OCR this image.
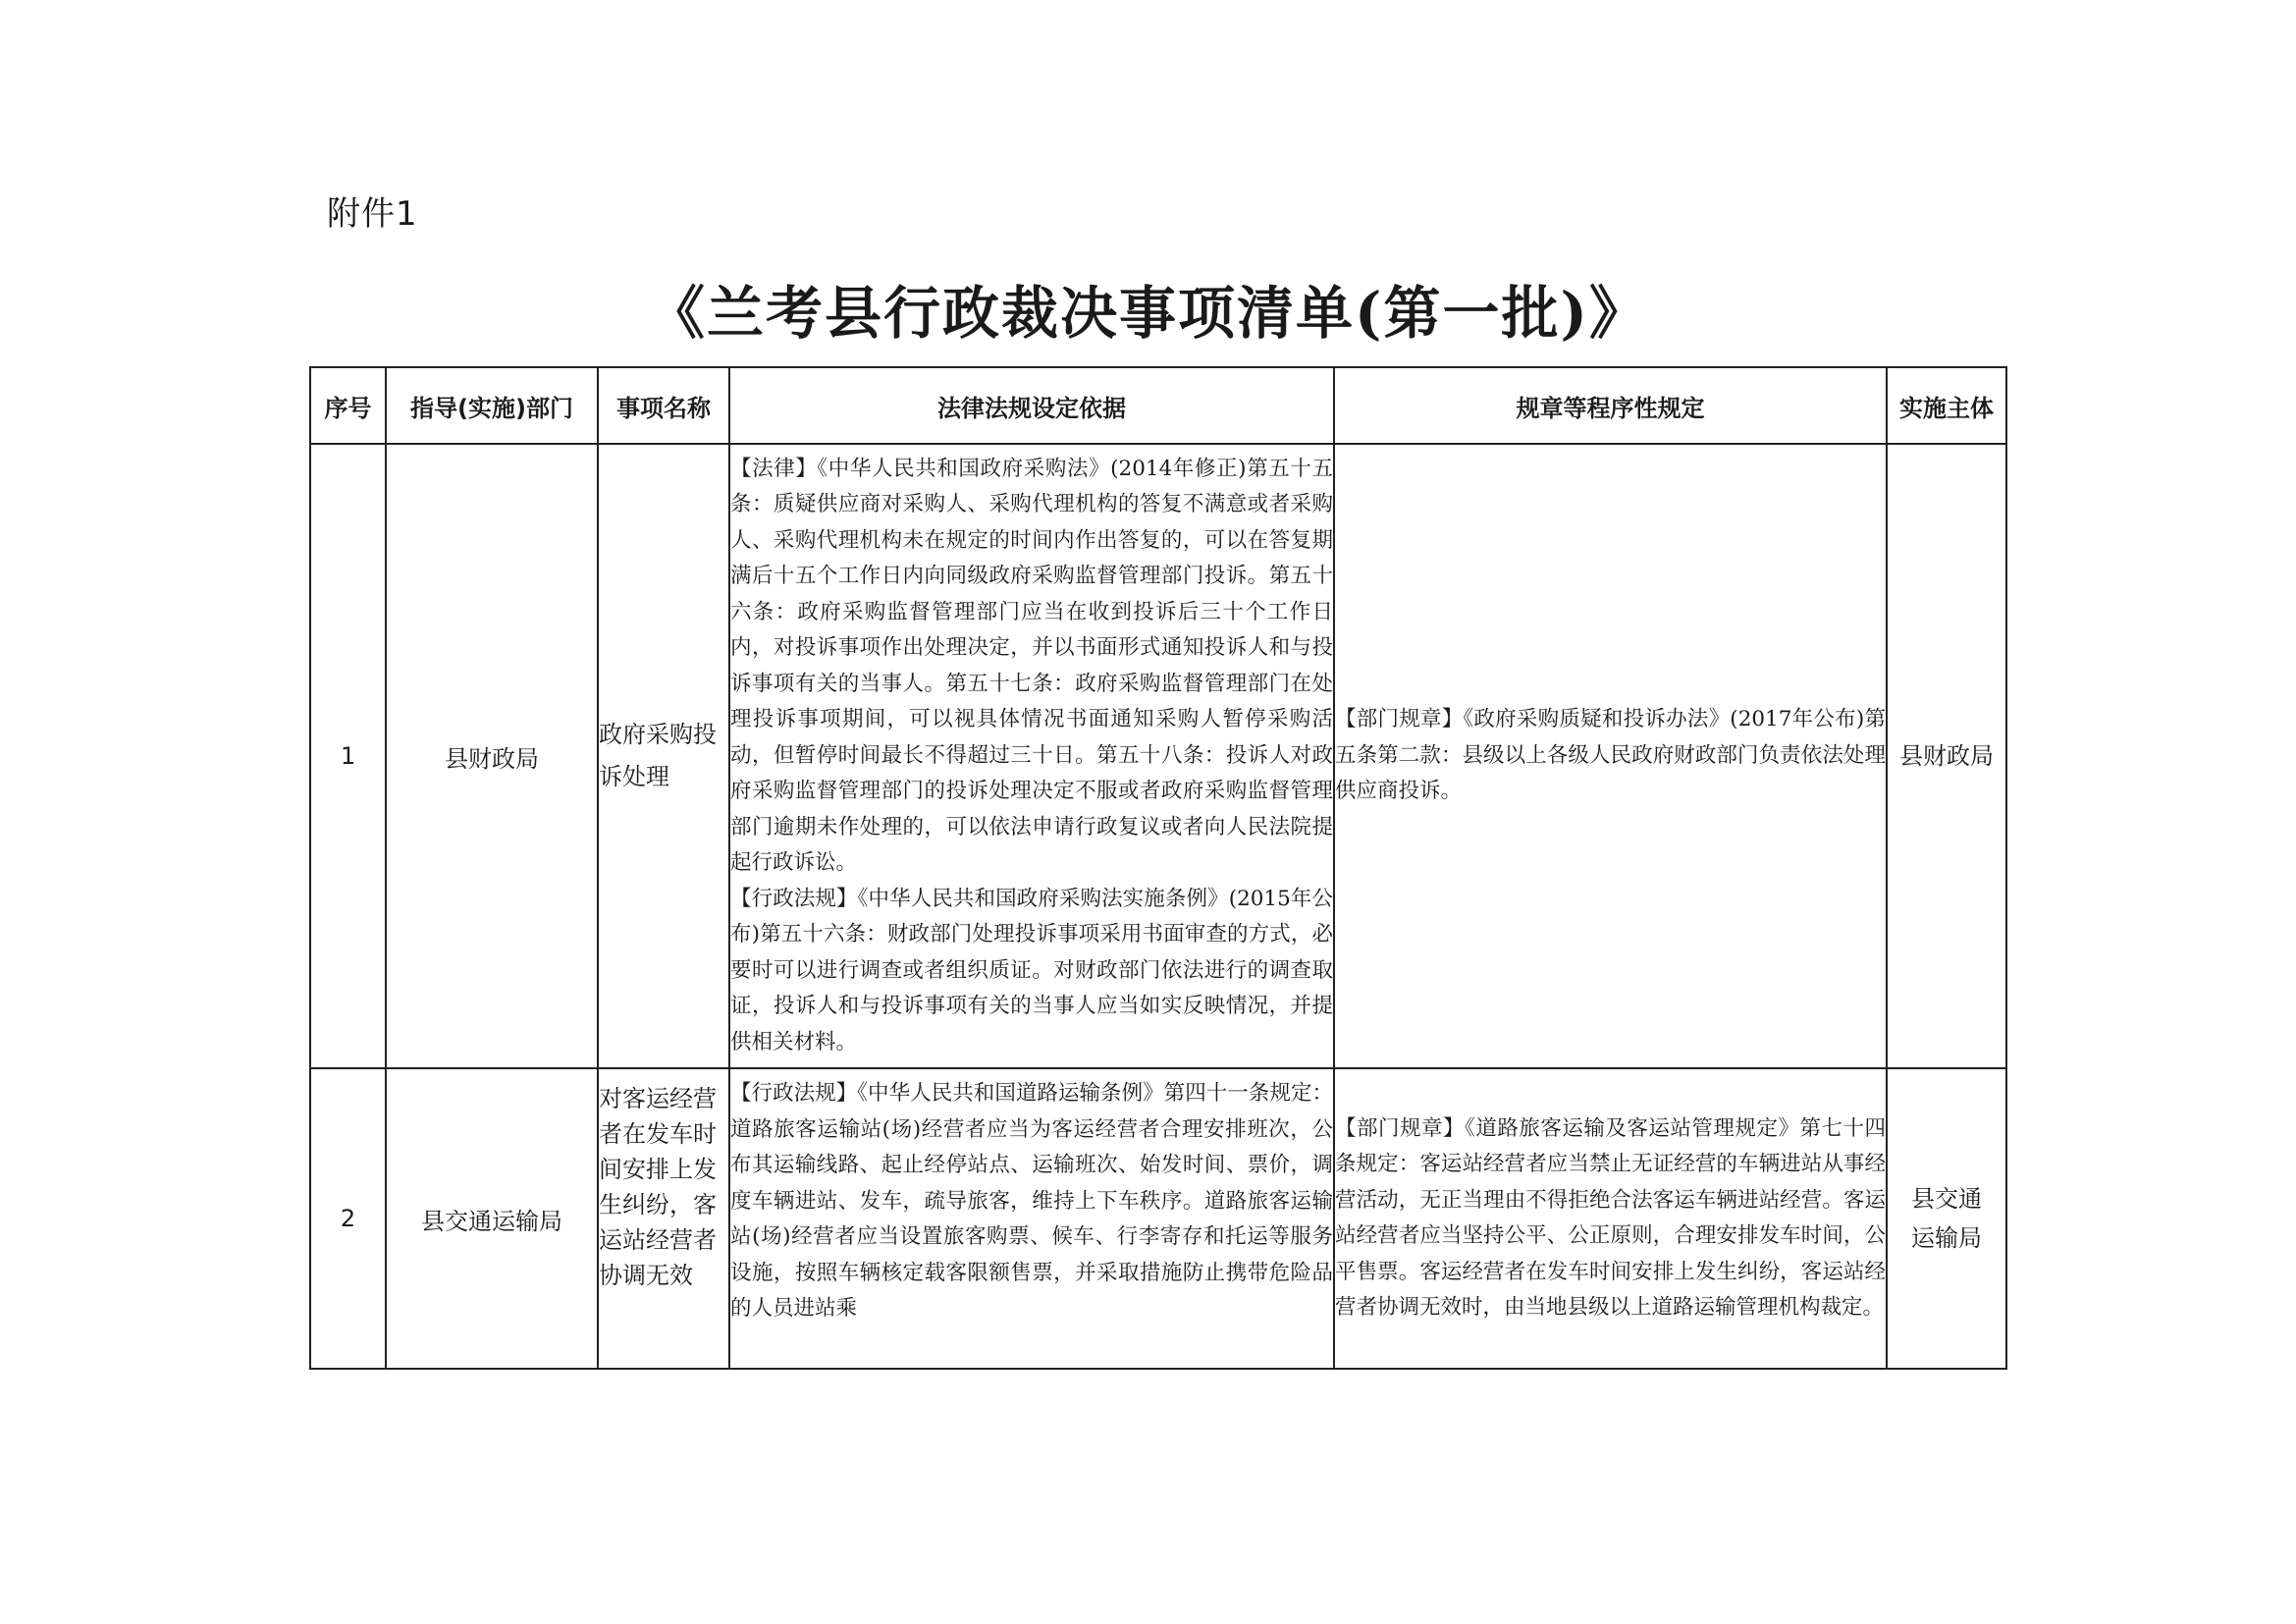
附件1
《兰考县行政裁决事项清单(第一批)》
序号	指导(实施)部门	事项名称	法律法规设定依据	规章等程序性规定	实施主体
1	县财政局	政府采购投诉处理	【法律】《中华人民共和国政府采购法》(2014年修正)第五十五条：质疑供应商对采购人、采购代理机构的答复不满意或者采购人、采购代理机构未在规定的时间内作出答复的，可以在答复期满后十五个工作日内向同级政府采购监督管理部门投诉。第五十六条：政府采购监督管理部门应当在收到投诉后三十个工作日内，对投诉事项作出处理决定，并以书面形式通知投诉人和与投诉事项有关的当事人。第五十七条：政府采购监督管理部门在处理投诉事项期间，可以视具体情况书面通知采购人暂停采购活动，但暂停时间最长不得超过三十日。第五十八条：投诉人对政府采购监督管理部门的投诉处理决定不服或者政府采购监督管理部门逾期未作处理的，可以依法申请行政复议或者向人民法院提起行政诉讼。
【行政法规】《中华人民共和国政府采购法实施条例》(2015年公布)第五十六条：财政部门处理投诉事项采用书面审查的方式，必要时可以进行调查或者组织质证。对财政部门依法进行的调查取证，投诉人和与投诉事项有关的当事人应当如实反映情况，并提供相关材料。	【部门规章】《政府采购质疑和投诉办法》(2017年公布)第五条第二款：县级以上各级人民政府财政部门负责依法处理供应商投诉。	县财政局
2	县交通运输局	对客运经营者在发车时间安排上发生纠纷，客运站经营者协调无效	【行政法规】《中华人民共和国道路运输条例》第四十一条规定：道路旅客运输站(场)经营者应当为客运经营者合理安排班次，公布其运输线路、起止经停站点、运输班次、始发时间、票价，调度车辆进站、发车，疏导旅客，维持上下车秩序。道路旅客运输站(场)经营者应当设置旅客购票、候车、行李寄存和托运等服务设施，按照车辆核定载客限额售票，并采取措施防止携带危险品的人员进站乘	【部门规章】《道路旅客运输及客运站管理规定》第七十四条规定：客运站经营者应当禁止无证经营的车辆进站从事经营活动，无正当理由不得拒绝合法客运车辆进站经营。客运站经营者应当坚持公平、公正原则，合理安排发车时间，公平售票。客运经营者在发车时间安排上发生纠纷，客运站经营者协调无效时，由当地县级以上道路运输管理机构裁定。	县交通运输局
